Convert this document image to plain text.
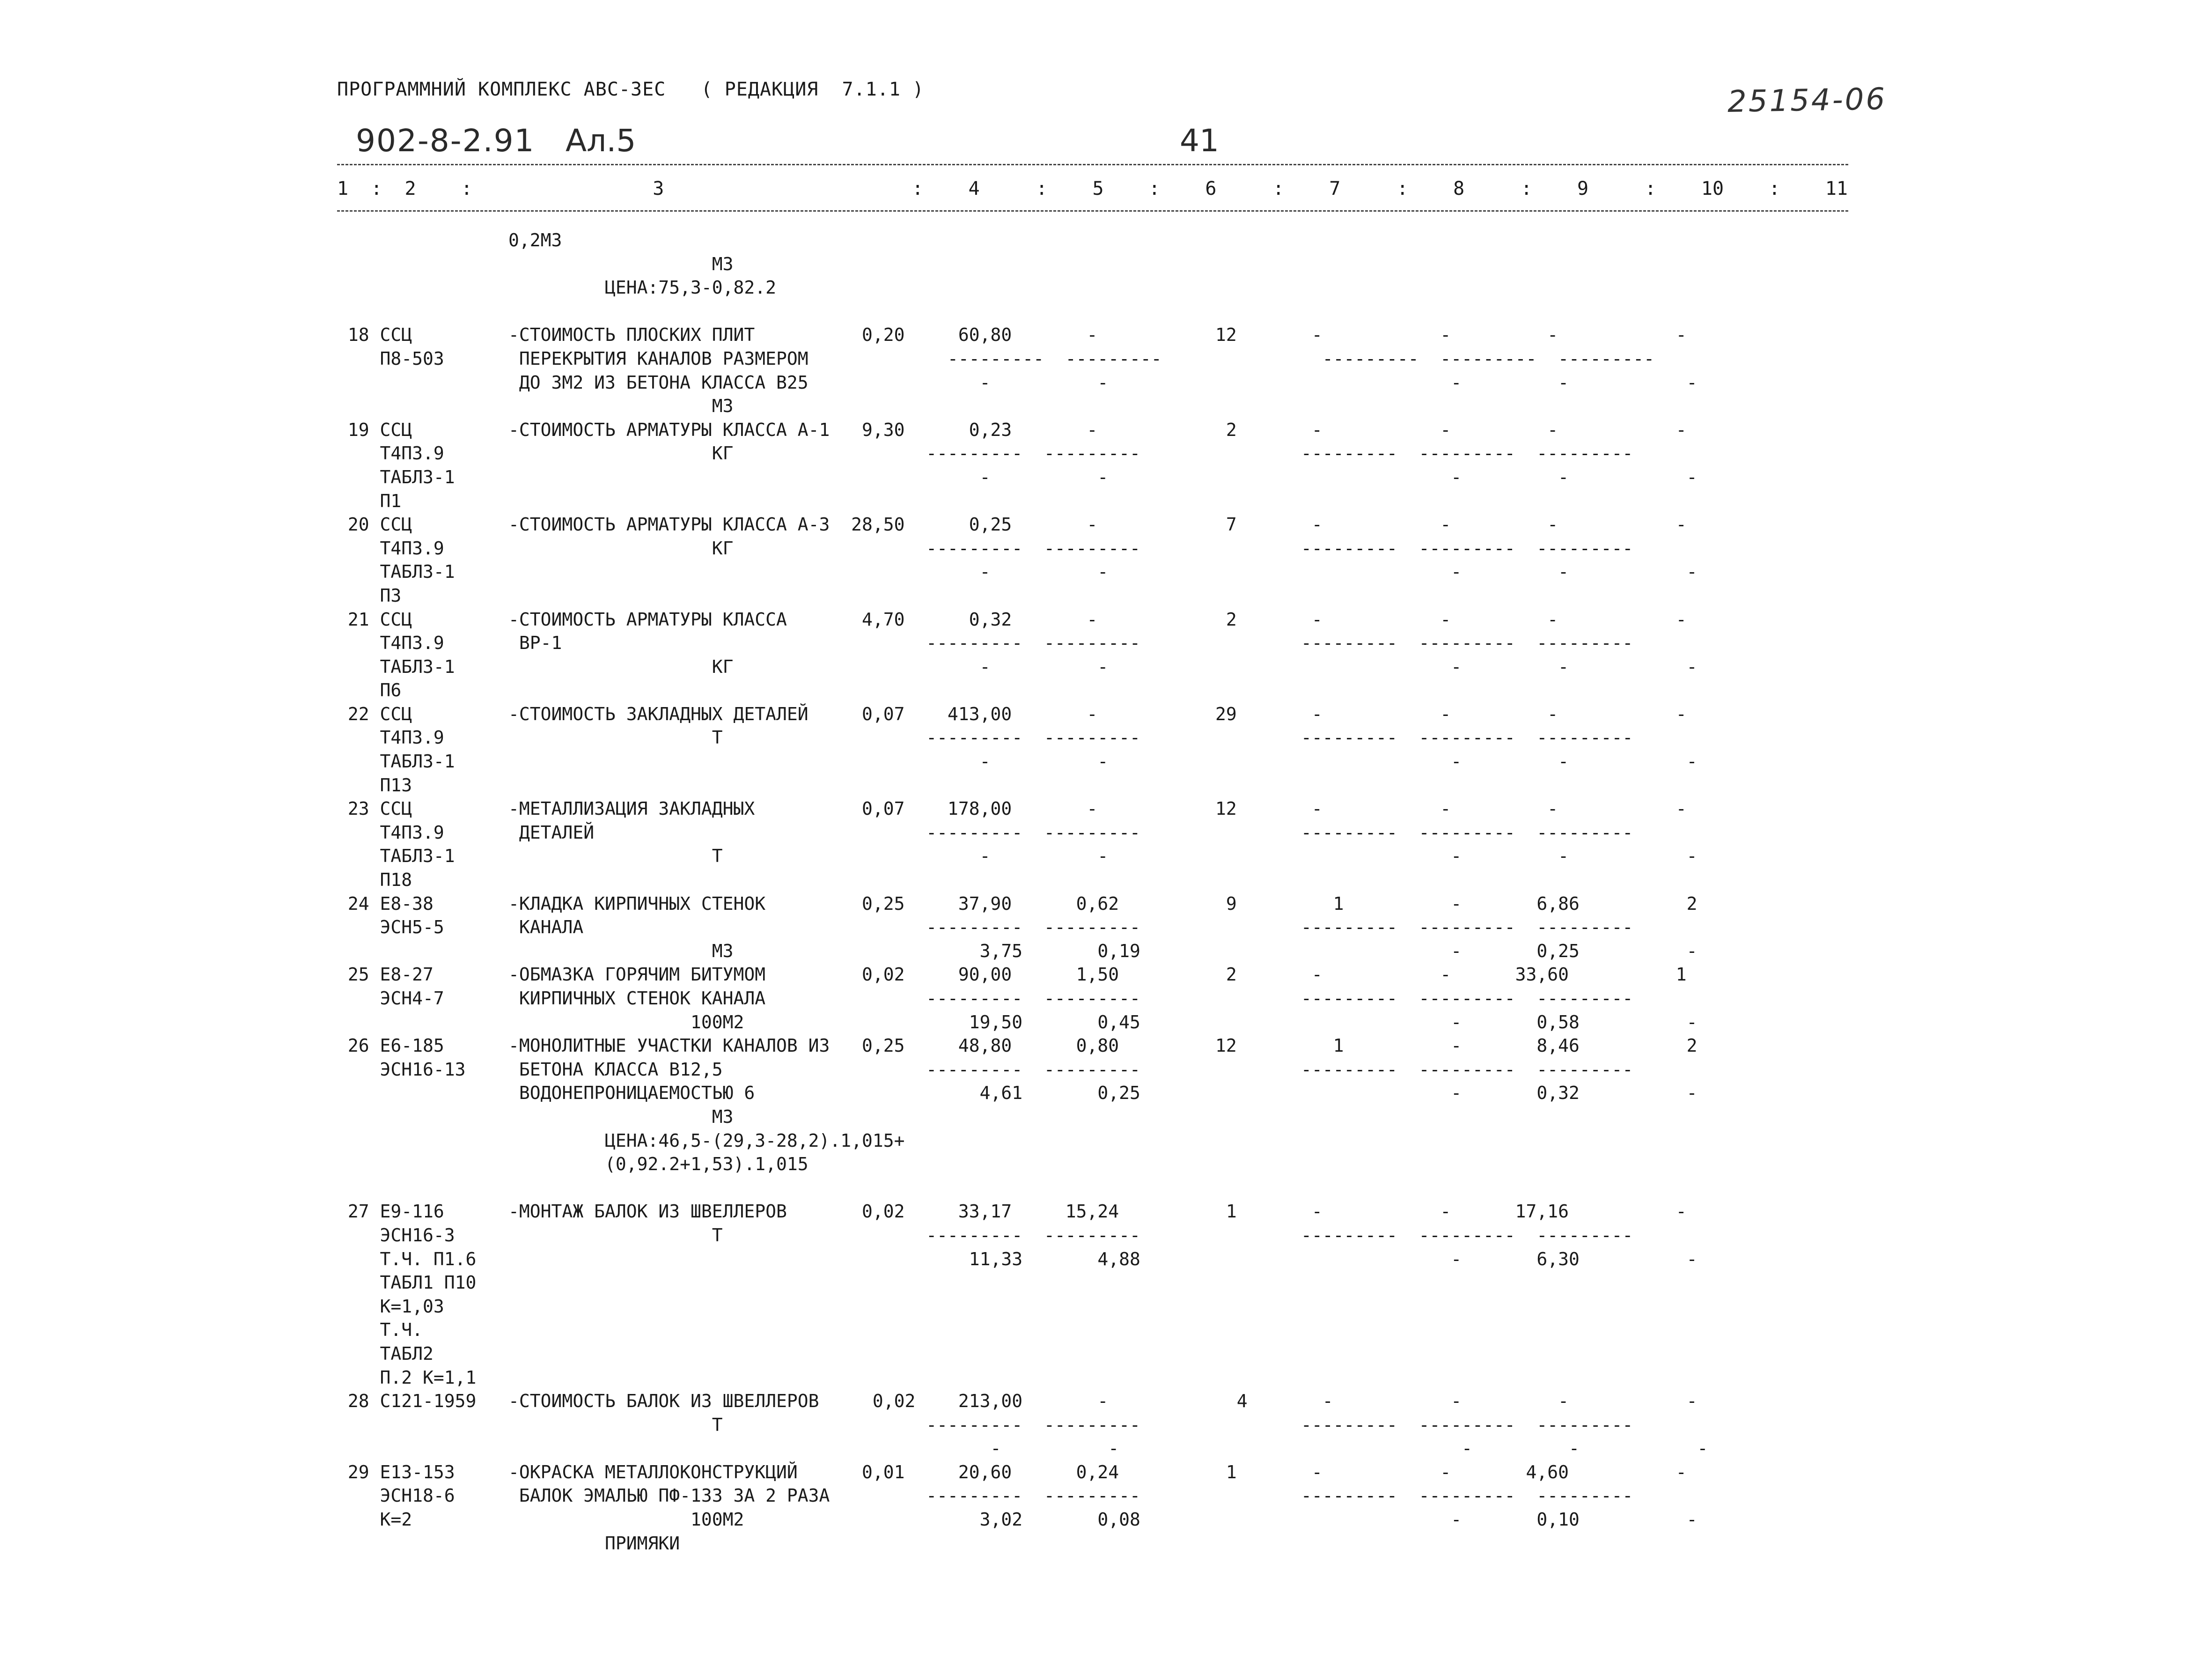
ПРОГРАММНИЙ КОМПЛЕКС АВС-ЗЕС   ( РЕДАКЦИЯ  7.1.1 )	25154-06
902-8-2.91 Ал.5	41
1  :  2    :                3                      :    4     :    5    :    6     :    7     :    8     :    9     :    10    :    11
0,2М3
М3
ЦЕНА:75,3-0,82.2

18 ССЦ         -СТОИМОСТЬ ПЛОСКИХ ПЛИТ          0,20     60,80       -           12       -           -         -           -
П8-503       ПЕРЕКРЫТИЯ КАНАЛОВ РАЗМЕРОМ             ---------  ---------               ---------  ---------  ---------
ДО 3М2 ИЗ БЕТОНА КЛАССА В25                -          -                                -         -           -
М3
19 ССЦ         -СТОИМОСТЬ АРМАТУРЫ КЛАССА А-1   9,30      0,23       -            2       -           -         -           -
Т4П3.9                         КГ                  ---------  ---------               ---------  ---------  ---------
ТАБЛ3-1                                                 -          -                                -         -           -
П1
20 ССЦ         -СТОИМОСТЬ АРМАТУРЫ КЛАССА А-3  28,50      0,25       -            7       -           -         -           -
Т4П3.9                         КГ                  ---------  ---------               ---------  ---------  ---------
ТАБЛ3-1                                                 -          -                                -         -           -
П3
21 ССЦ         -СТОИМОСТЬ АРМАТУРЫ КЛАССА       4,70      0,32       -            2       -           -         -           -
Т4П3.9       ВР-1                                  ---------  ---------               ---------  ---------  ---------
ТАБЛ3-1                        КГ                       -          -                                -         -           -
П6
22 ССЦ         -СТОИМОСТЬ ЗАКЛАДНЫХ ДЕТАЛЕЙ     0,07    413,00       -           29       -           -         -           -
Т4П3.9                         Т                   ---------  ---------               ---------  ---------  ---------
ТАБЛ3-1                                                 -          -                                -         -           -
П13
23 ССЦ         -МЕТАЛЛИЗАЦИЯ ЗАКЛАДНЫХ          0,07    178,00       -           12       -           -         -           -
Т4П3.9       ДЕТАЛЕЙ                               ---------  ---------               ---------  ---------  ---------
ТАБЛ3-1                        Т                        -          -                                -         -           -
П18
24 Е8-38       -КЛАДКА КИРПИЧНЫХ СТЕНОК         0,25     37,90      0,62          9         1          -       6,86          2
ЭСН5-5       КАНАЛА                                ---------  ---------               ---------  ---------  ---------
М3                       3,75       0,19                             -       0,25          -
25 Е8-27       -ОБМАЗКА ГОРЯЧИМ БИТУМОМ         0,02     90,00      1,50          2       -           -      33,60          1
ЭСН4-7       КИРПИЧНЫХ СТЕНОК КАНАЛА               ---------  ---------               ---------  ---------  ---------
100М2                     19,50       0,45                             -       0,58          -
26 Е6-185      -МОНОЛИТНЫЕ УЧАСТКИ КАНАЛОВ ИЗ   0,25     48,80      0,80         12         1          -       8,46          2
ЭСН16-13     БЕТОНА КЛАССА В12,5                   ---------  ---------               ---------  ---------  ---------
ВОДОНЕПРОНИЦАЕМОСТЬЮ 6                     4,61       0,25                             -       0,32          -
М3
ЦЕНА:46,5-(29,3-28,2).1,015+
(0,92.2+1,53).1,015

27 Е9-116      -МОНТАЖ БАЛОК ИЗ ШВЕЛЛЕРОВ       0,02     33,17     15,24          1       -           -      17,16          -
ЭСН16-3                        Т                   ---------  ---------               ---------  ---------  ---------
Т.Ч. П1.6                                              11,33       4,88                             -       6,30          -
ТАБЛ1 П10
К=1,03
Т.Ч.
ТАБЛ2
П.2 К=1,1
28 С121-1959   -СТОИМОСТЬ БАЛОК ИЗ ШВЕЛЛЕРОВ     0,02    213,00       -            4       -           -         -           -
Т                   ---------  ---------               ---------  ---------  ---------
-          -                                -         -           -
29 Е13-153     -ОКРАСКА МЕТАЛЛОКОНСТРУКЦИЙ      0,01     20,60      0,24          1       -           -       4,60          -
ЭСН18-6      БАЛОК ЭМАЛЬЮ ПФ-133 ЗА 2 РАЗА         ---------  ---------               ---------  ---------  ---------
К=2                          100М2                      3,02       0,08                             -       0,10          -
ПРИМЯКИ
